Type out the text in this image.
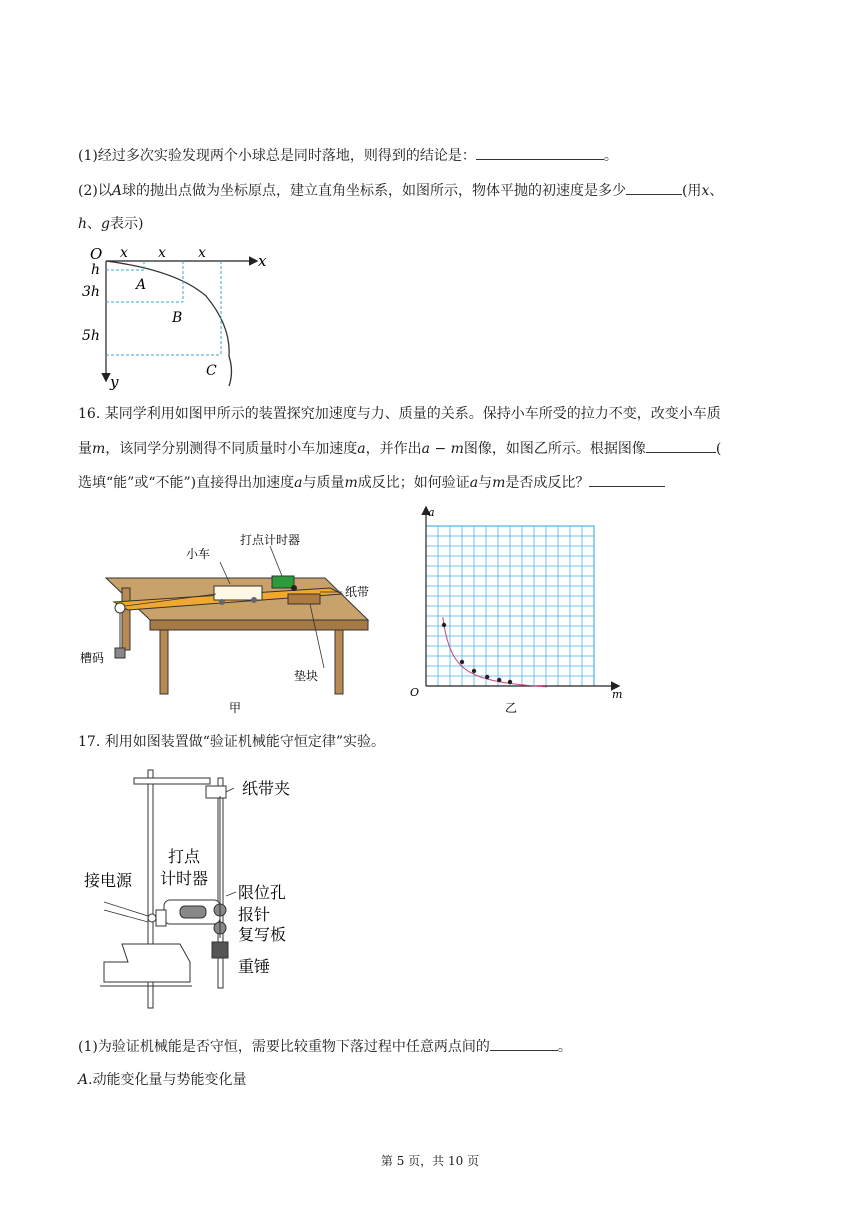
(1)经过多次实验发现两个小球总是同时落地，则得到的结论是：	。
(2)以A球的抛出点做为坐标原点，建立直角坐标系，如图所示，物体平抛的初速度是多少	(用x、
h、g表示)
O x x x	x
y
h
3h
5h
A
B
C
16. 某同学利用如图甲所示的装置探究加速度与力、质量的关系。保持小车所受的拉力不变，改变小车质
量m，该同学分别测得不同质量时小车加速度a，并作出a − m图像，如图乙所示。根据图像	(
选填“能”或“不能”)直接得出加速度a与质量m成反比；如何验证a与m是否成反比？
打点计时器
小车
纸带
槽码
垫块
甲
a
m
O
乙
17. 利用如图装置做“验证机械能守恒定律”实验。
纸带夹
打点
计时器
接电源
限位孔
报针
复写板
重锤
(1)为验证机械能是否守恒，需要比较重物下落过程中任意两点间的	。
A.动能变化量与势能变化量
第 5 页，共 10 页
